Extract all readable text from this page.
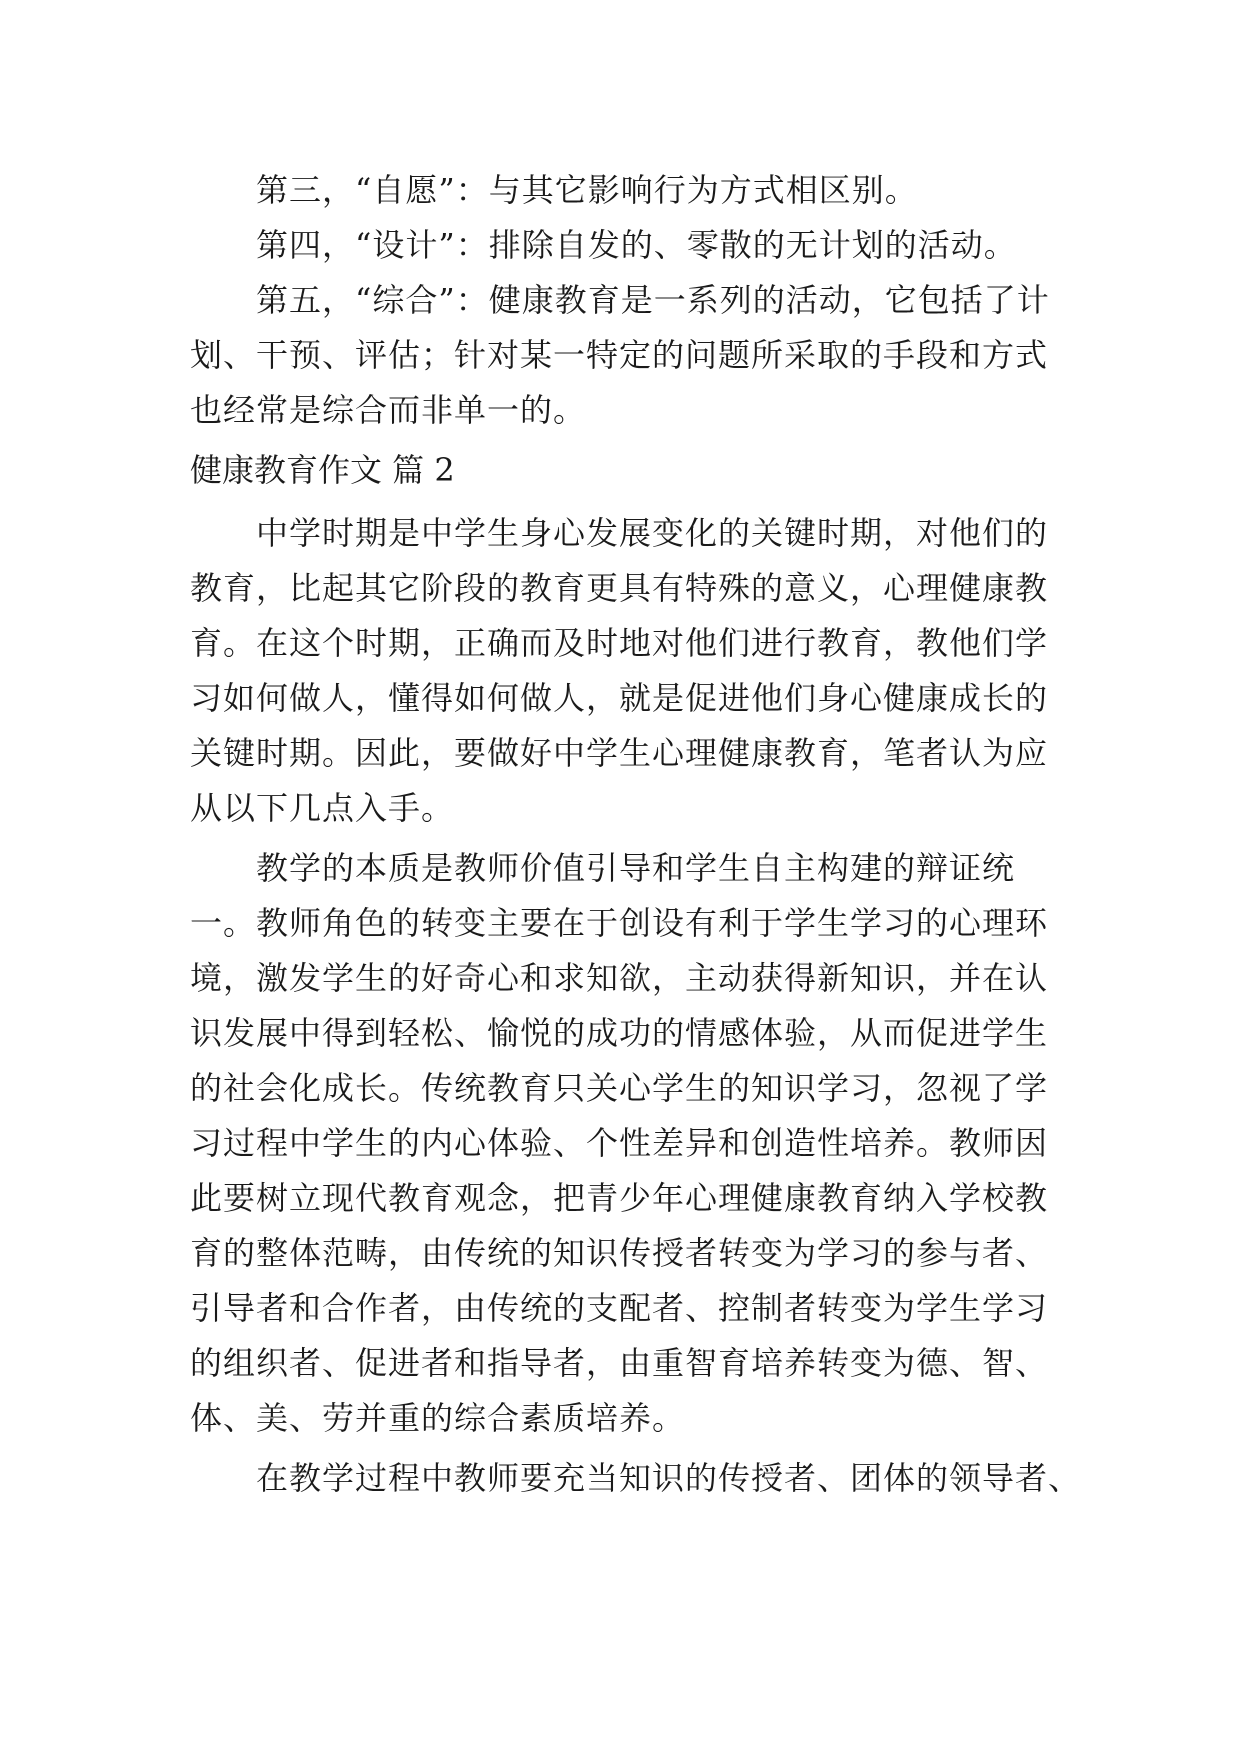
　　第三，“自愿”：与其它影响行为方式相区别。
　　第四，“设计”：排除自发的、零散的无计划的活动。
　　第五，“综合”：健康教育是一系列的活动，它包括了计
划、干预、评估；针对某一特定的问题所采取的手段和方式
也经常是综合而非单一的。
健康教育作文 篇 2
　　中学时期是中学生身心发展变化的关键时期，对他们的
教育，比起其它阶段的教育更具有特殊的意义，心理健康教
育。在这个时期，正确而及时地对他们进行教育，教他们学
习如何做人，懂得如何做人，就是促进他们身心健康成长的
关键时期。因此，要做好中学生心理健康教育，笔者认为应
从以下几点入手。
　　教学的本质是教师价值引导和学生自主构建的辩证统
一。教师角色的转变主要在于创设有利于学生学习的心理环
境，激发学生的好奇心和求知欲，主动获得新知识，并在认
识发展中得到轻松、愉悦的成功的情感体验，从而促进学生
的社会化成长。传统教育只关心学生的知识学习，忽视了学
习过程中学生的内心体验、个性差异和创造性培养。教师因
此要树立现代教育观念，把青少年心理健康教育纳入学校教
育的整体范畴，由传统的知识传授者转变为学习的参与者、
引导者和合作者，由传统的支配者、控制者转变为学生学习
的组织者、促进者和指导者，由重智育培养转变为德、智、
体、美、劳并重的综合素质培养。
　　在教学过程中教师要充当知识的传授者、团体的领导者、
